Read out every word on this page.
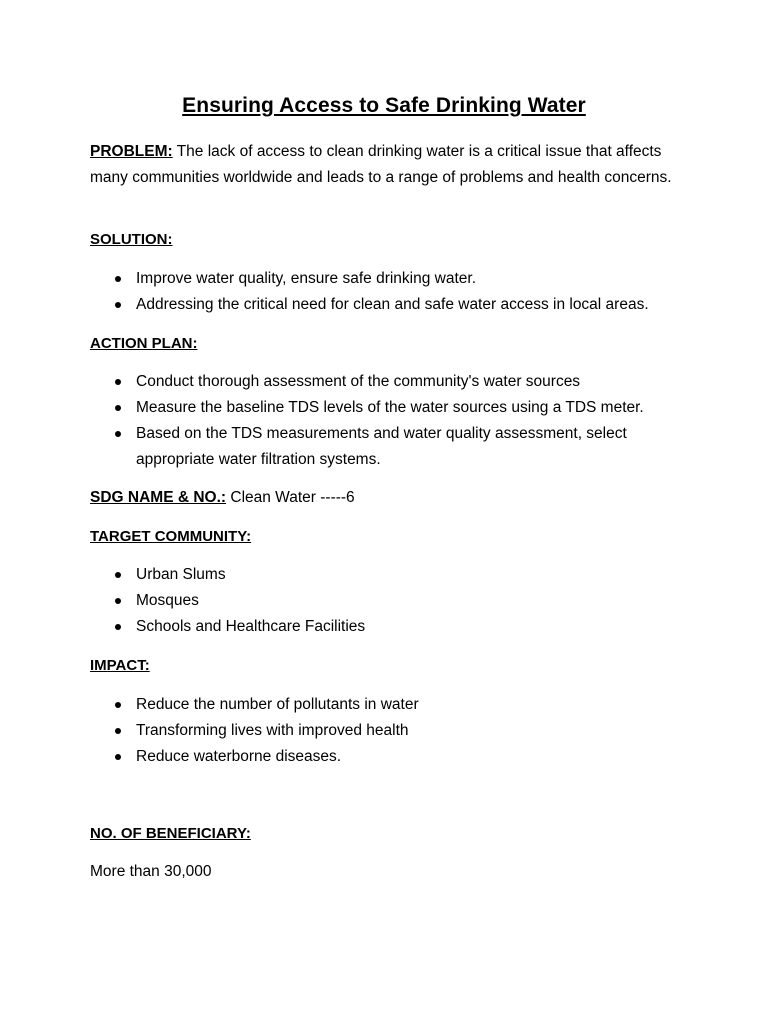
Ensuring Access to Safe Drinking Water
PROBLEM: The lack of access to clean drinking water is a critical issue that affects many communities worldwide and leads to a range of problems and health concerns.
SOLUTION:
Improve water quality, ensure safe drinking water.
Addressing the critical need for clean and safe water access in local areas.
ACTION PLAN:
Conduct thorough assessment of the community's water sources
Measure the baseline TDS levels of the water sources using a TDS meter.
Based on the TDS measurements and water quality assessment, select appropriate water filtration systems.
SDG NAME & NO.: Clean Water -----6
TARGET COMMUNITY:
Urban Slums
Mosques
Schools and Healthcare Facilities
IMPACT:
Reduce the number of pollutants in water
Transforming lives with improved health
Reduce waterborne diseases.
NO. OF BENEFICIARY:
More than 30,000
